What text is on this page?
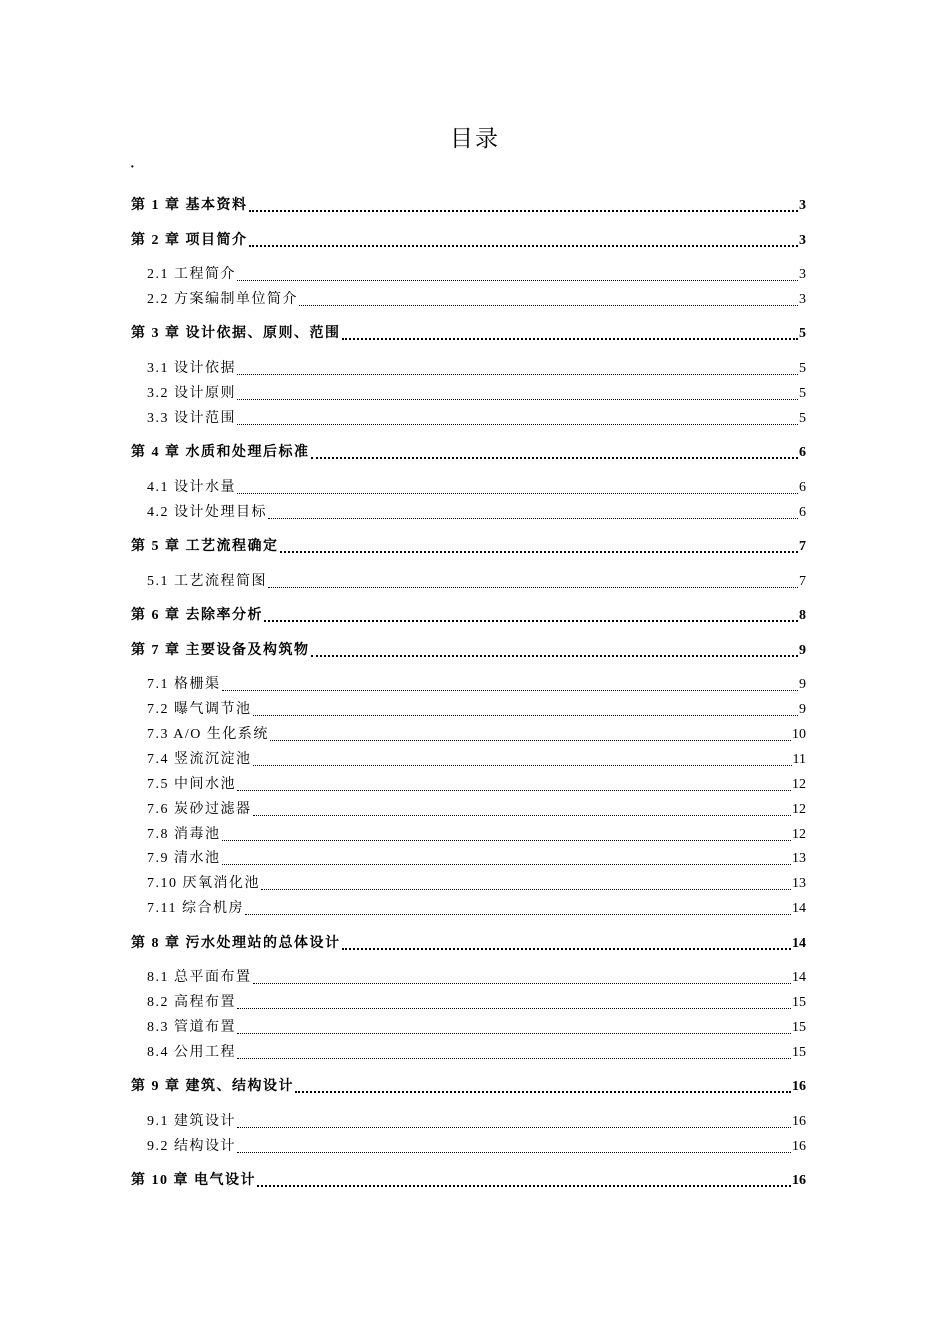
目录
·
第 1 章 基本资料	3
第 2 章 项目简介	3
2.1 工程简介	3
2.2 方案编制单位简介	3
第 3 章 设计依据、原则、范围	5
3.1 设计依据	5
3.2 设计原则	5
3.3 设计范围	5
第 4 章 水质和处理后标准	6
4.1 设计水量	6
4.2 设计处理目标	6
第 5 章 工艺流程确定	7
5.1 工艺流程简图	7
第 6 章 去除率分析	8
第 7 章 主要设备及构筑物	9
7.1 格栅渠	9
7.2 曝气调节池	9
7.3 A/O 生化系统	10
7.4 竖流沉淀池	11
7.5 中间水池	12
7.6 炭砂过滤器	12
7.8 消毒池	12
7.9 清水池	13
7.10 厌氧消化池	13
7.11 综合机房	14
第 8 章 污水处理站的总体设计	14
8.1 总平面布置	14
8.2 高程布置	15
8.3 管道布置	15
8.4 公用工程	15
第 9 章 建筑、结构设计	16
9.1 建筑设计	16
9.2 结构设计	16
第 10 章 电气设计	16
